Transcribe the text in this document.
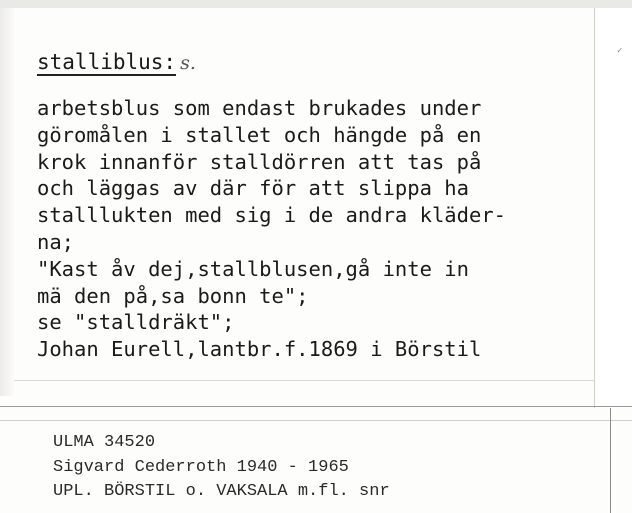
✓
stalliblus: s.
arbetsblus som endast brukades under
göromålen i stallet och hängde på en
krok innanför stalldörren att tas på
och läggas av där för att slippa ha
stalllukten med sig i de andra kläder-
na;
"Kast åv dej,stallblusen,gå inte in
mä den på,sa bonn te";
se "stalldräkt";
Johan Eurell,lantbr.f.1869 i Börstil
ULMA 34520
Sigvard Cederroth 1940 - 1965
UPL. BÖRSTIL o. VAKSALA m.fl. snr
